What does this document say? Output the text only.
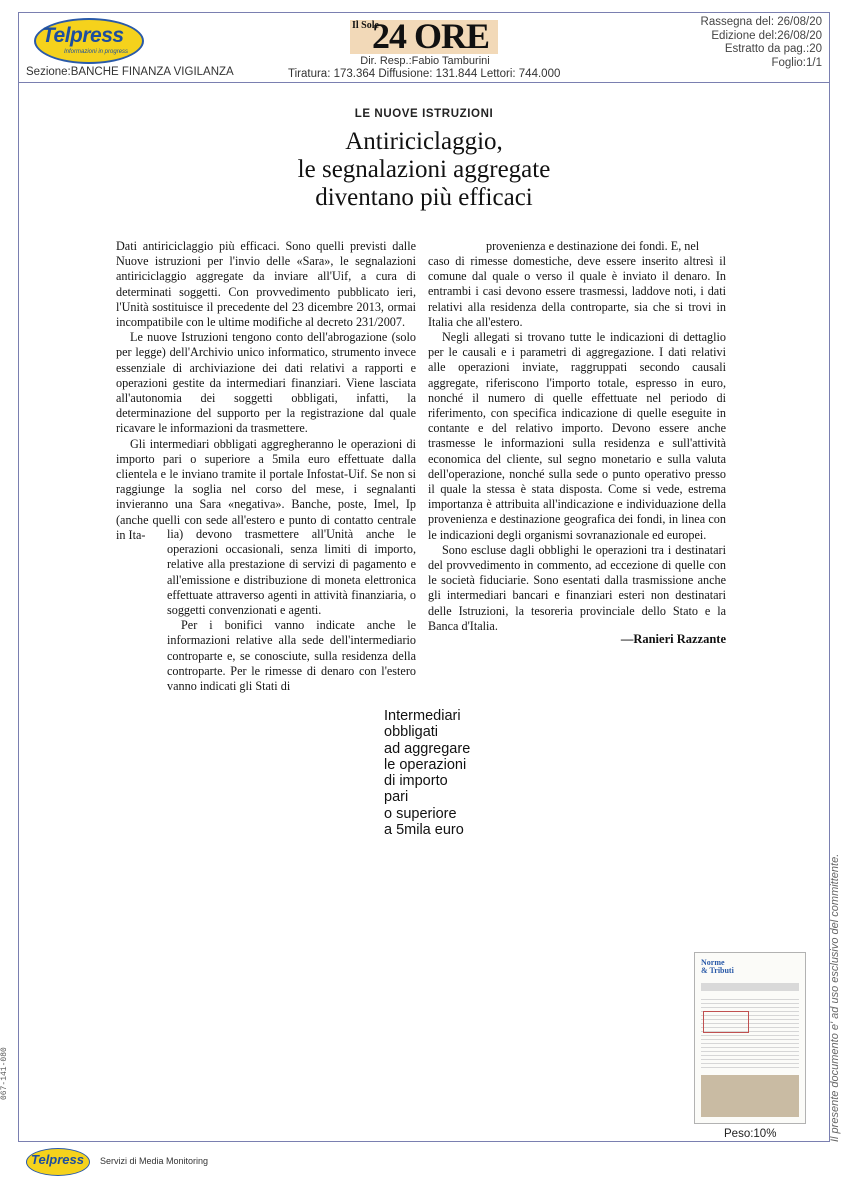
Telpress
Informazioni in progress
Sezione:BANCHE FINANZA VIGILANZA
Il Sole
24 ORE
Dir. Resp.:Fabio Tamburini
Tiratura: 173.364 Diffusione: 131.844 Lettori: 744.000
Rassegna del: 26/08/20
Edizione del:26/08/20
Estratto da pag.:20
Foglio:1/1
LE NUOVE ISTRUZIONI
Antiriciclaggio,
le segnalazioni aggregate
diventano più efficaci

Dati antiriciclaggio più efficaci. Sono quelli previsti dalle Nuove istruzioni per l'invio delle «Sara», le segnalazioni antiriciclaggio aggregate da inviare all'Uif, a cura di determinati soggetti. Con provvedimento pubblicato ieri, l'Unità sostituisce il precedente del 23 dicembre 2013, ormai incompatibile con le ultime modifiche al decreto 231/2007.

Le nuove Istruzioni tengono conto dell'abrogazione (solo per legge) dell'Archivio unico informatico, strumento invece essenziale di archiviazione dei dati relativi a rapporti e operazioni gestite da intermediari finanziari. Viene lasciata all'autonomia dei soggetti obbligati, infatti, la determinazione del supporto per la registrazione dal quale ricavare le informazioni da trasmettere.

Gli intermediari obbligati aggregheranno le operazioni di importo pari o superiore a 5mila euro effettuate dalla clientela e le inviano tramite il portale Infostat-Uif. Se non si raggiunge la soglia nel corso del mese, i segnalanti invieranno una Sara «negativa». Banche, poste, Imel, Ip (anche quelli con sede all'estero e punto di contatto centrale in Ita-	lia) devono trasmettere all'Unità anche le operazioni occasionali, senza limiti di importo, relative alla prestazione di servizi di pagamento e all'emissione e distribuzione di moneta elettronica effettuate attraverso agenti in attività finanziaria, o soggetti convenzionati e agenti.

Per i bonifici vanno indicate anche le informazioni relative alla sede dell'intermediario controparte e, se conosciute, sulla residenza della controparte. Per le rimesse di denaro con l'estero vanno indicati gli Stati di

provenienza e destinazione dei fondi. E, nel

caso di rimesse domestiche, deve essere inserito altresì il comune dal quale o verso il quale è inviato il denaro. In entrambi i casi devono essere trasmessi, laddove noti, i dati relativi alla residenza della controparte, sia che si trovi in Italia che all'estero.

Negli allegati si trovano tutte le indicazioni di dettaglio per le causali e i parametri di aggregazione. I dati relativi alle operazioni inviate, raggruppati secondo causali aggregate, riferiscono l'importo totale, espresso in euro, nonché il numero di quelle effettuate nel periodo di riferimento, con specifica indicazione di quelle eseguite in contante e del relativo importo. Devono essere anche trasmesse le informazioni sulla residenza e sull'attività economica del cliente, sul segno monetario e sulla valuta dell'operazione, nonché sulla sede o punto operativo presso il quale la stessa è stata disposta. Come si vede, estrema importanza è attribuita all'indicazione e individuazione della provenienza e destinazione geografica dei fondi, in linea con le indicazioni degli organismi sovranazionale ed europei.

Sono escluse dagli obblighi le operazioni tra i destinatari del provvedimento in commento, ad eccezione di quelle con le società fiduciarie. Sono esentati dalla trasmissione anche gli intermediari bancari e finanziari esteri non destinatari delle Istruzioni, la tesoreria provinciale dello Stato e la Banca d'Italia.

—Ranieri Razzante
Intermediari
obbligati
ad aggregare
le operazioni
di importo
pari
o superiore
a 5mila euro
Norme
& Tributi
Peso:10%
Telpress Servizi di Media Monitoring
067-141-080	Il presente documento e' ad uso esclusivo del committente.
